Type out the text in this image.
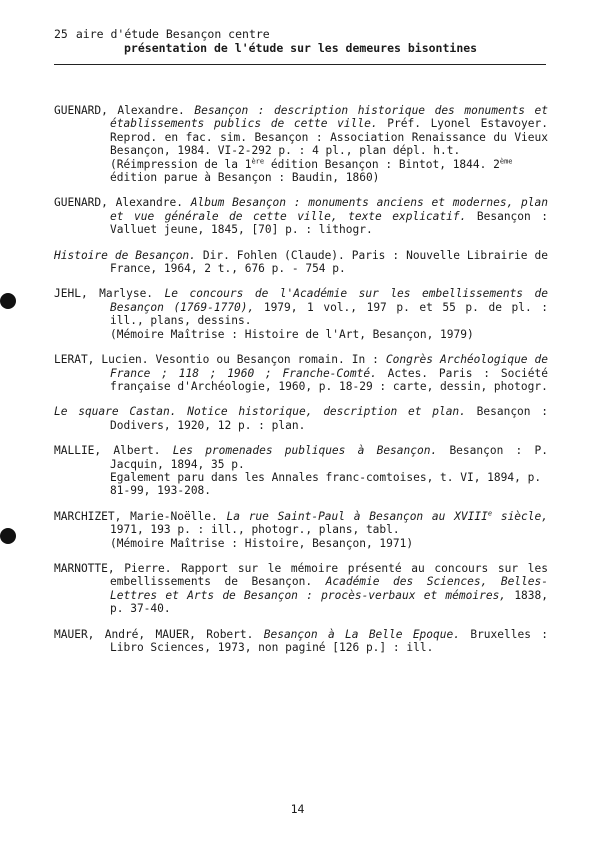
25 aire d'étude Besançon centre
présentation de l'étude sur les demeures bisontines
GUENARD, Alexandre. Besançon : description historique des monuments et établissements publics de cette ville. Préf. Lyonel Estavoyer. Reprod. en fac. sim. Besançon : Association Renaissance du Vieux Besançon, 1984. VI-2-292 p. : 4 pl., plan dépl. h.t.
(Réimpression de la 1ère édition Besançon : Bintot, 1844. 2ème édition parue à Besançon : Baudin, 1860)
GUENARD, Alexandre. Album Besançon : monuments anciens et modernes, plan et vue générale de cette ville, texte explicatif. Besançon : Valluet jeune, 1845, [70] p. : lithogr.
Histoire de Besançon. Dir. Fohlen (Claude). Paris : Nouvelle Librairie de France, 1964, 2 t., 676 p. - 754 p.
JEHL, Marlyse. Le concours de l'Académie sur les embellissements de Besançon (1769-1770), 1979, 1 vol., 197 p. et 55 p. de pl. : ill., plans, dessins.
(Mémoire Maîtrise : Histoire de l'Art, Besançon, 1979)
LERAT, Lucien. Vesontio ou Besançon romain. In : Congrès Archéologique de France ; 118 ; 1960 ; Franche-Comté. Actes. Paris : Société française d'Archéologie, 1960, p. 18-29 : carte, dessin, photogr.
Le square Castan. Notice historique, description et plan. Besançon : Dodivers, 1920, 12 p. : plan.
MALLIE, Albert. Les promenades publiques à Besançon. Besançon : P. Jacquin, 1894, 35 p.
Egalement paru dans les Annales franc-comtoises, t. VI, 1894, p. 81-99, 193-208.
MARCHIZET, Marie-Noëlle. La rue Saint-Paul à Besançon au XVIIIe siècle, 1971, 193 p. : ill., photogr., plans, tabl.
(Mémoire Maîtrise : Histoire, Besançon, 1971)
MARNOTTE, Pierre. Rapport sur le mémoire présenté au concours sur les embellissements de Besançon. Académie des Sciences, Belles-Lettres et Arts de Besançon : procès-verbaux et mémoires, 1838, p. 37-40.
MAUER, André, MAUER, Robert. Besançon à La Belle Epoque. Bruxelles : Libro Sciences, 1973, non paginé [126 p.] : ill.
14
